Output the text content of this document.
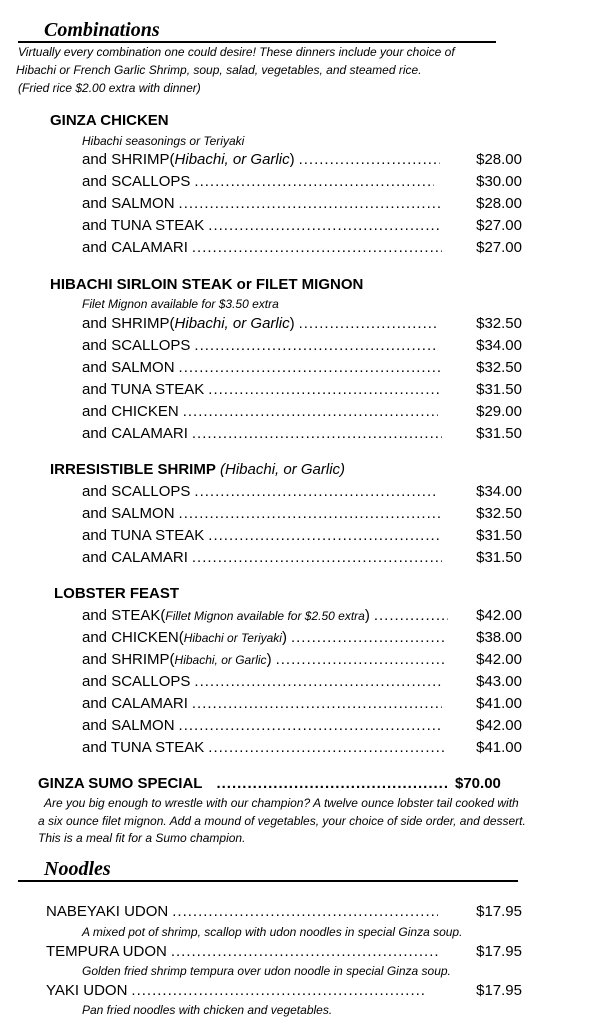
Combinations
Virtually every combination one could desire! These dinners include your choice of
Hibachi or French Garlic Shrimp, soup, salad, vegetables, and steamed rice.
(Fried rice $2.00 extra with dinner)
GINZA CHICKEN
Hibachi seasonings or Teriyaki
and SHRIMP( Hibachi, or Garlic ) .....	$28.00
and SCALLOPS .....	$30.00
and SALMON .....	$28.00
and TUNA STEAK .....	$27.00
and CALAMARI .....	$27.00
HIBACHI SIRLOIN STEAK or FILET MIGNON
Filet Mignon available for $3.50 extra
and SHRIMP( Hibachi, or Garlic ) .....	$32.50
and SCALLOPS .....	$34.00
and SALMON .....	$32.50
and TUNA STEAK .....	$31.50
and CHICKEN .....	$29.00
and CALAMARI .....	$31.50
IRRESISTIBLE SHRIMP (Hibachi, or Garlic)
and SCALLOPS .....	$34.00
and SALMON .....	$32.50
and TUNA STEAK .....	$31.50
and CALAMARI .....	$31.50
LOBSTER FEAST
and STEAK( Fillet Mignon available for $2.50 extra ) .....	$42.00
and CHICKEN( Hibachi or Teriyaki ) .....	$38.00
and SHRIMP( Hibachi, or Garlic ) .....	$42.00
and SCALLOPS .....	$43.00
and CALAMARI .....	$41.00
and SALMON .....	$42.00
and TUNA STEAK .....	$41.00
GINZA SUMO SPECIAL .....	$70.00
Are you big enough to wrestle with our champion? A twelve ounce lobster tail cooked with
a six ounce filet mignon. Add a mound of vegetables, your choice of side order, and dessert.
This is a meal fit for a Sumo champion.
Noodles
NABEYAKI UDON .....	$17.95
A mixed pot of shrimp, scallop with udon noodles in special Ginza soup.
TEMPURA UDON .....	$17.95
Golden fried shrimp tempura over udon noodle in special Ginza soup.
YAKI UDON .....	$17.95
Pan fried noodles with chicken and vegetables.
